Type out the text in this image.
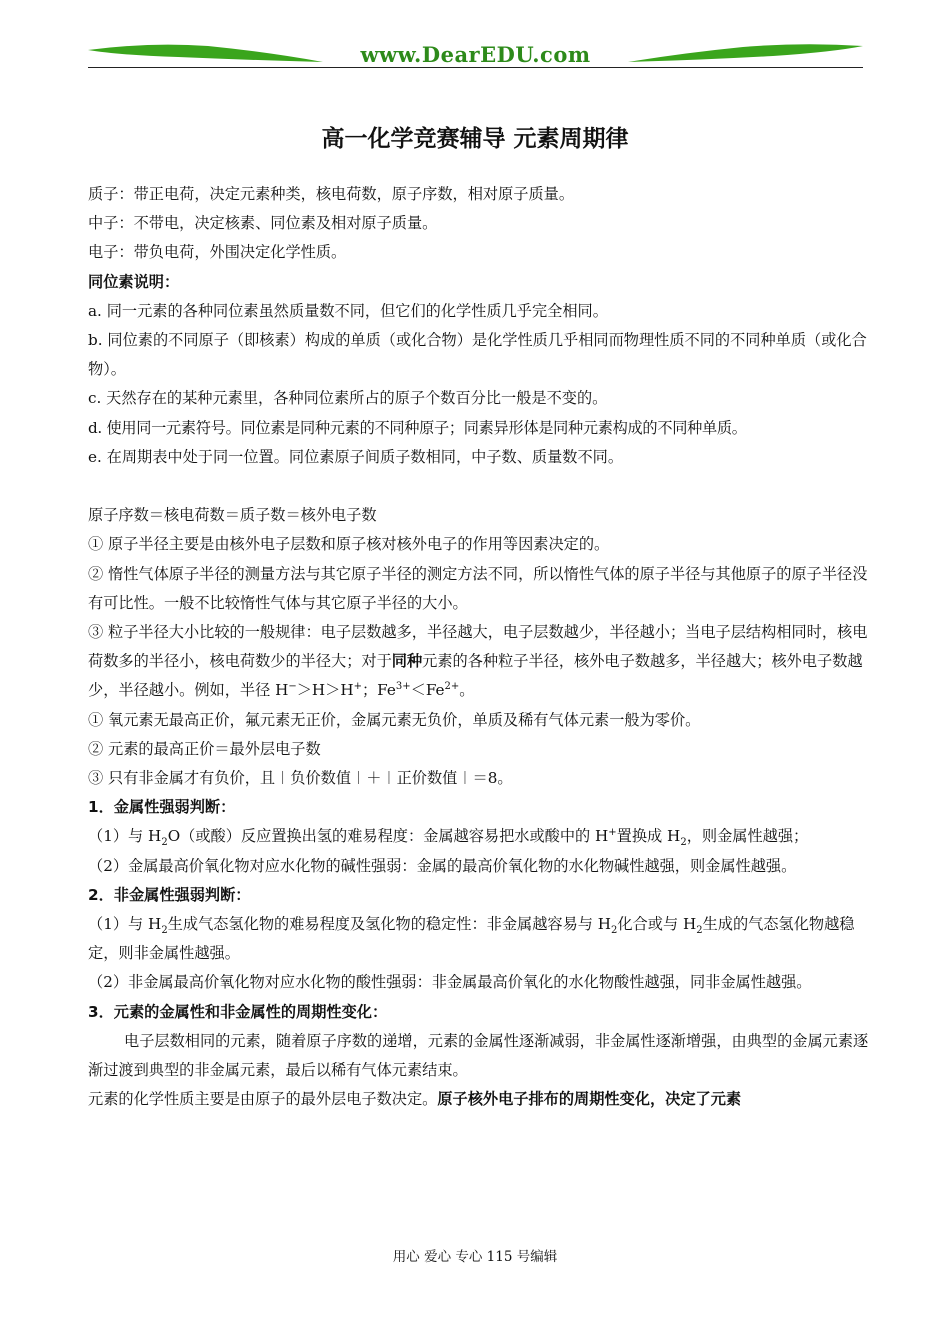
www.DearEDU.com
高一化学竞赛辅导 元素周期律

质子：带正电荷，决定元素种类，核电荷数，原子序数，相对原子质量。

中子：不带电，决定核素、同位素及相对原子质量。

电子：带负电荷，外围决定化学性质。

同位素说明：

a. 同一元素的各种同位素虽然质量数不同，但它们的化学性质几乎完全相同。

b. 同位素的不同原子（即核素）构成的单质（或化合物）是化学性质几乎相同而物理性质不同的不同种单质（或化合物）。

c. 天然存在的某种元素里，各种同位素所占的原子个数百分比一般是不变的。

d. 使用同一元素符号。同位素是同种元素的不同种原子；同素异形体是同种元素构成的不同种单质。

e. 在周期表中处于同一位置。同位素原子间质子数相同，中子数、质量数不同。

原子序数＝核电荷数＝质子数＝核外电子数

① 原子半径主要是由核外电子层数和原子核对核外电子的作用等因素决定的。

② 惰性气体原子半径的测量方法与其它原子半径的测定方法不同，所以惰性气体的原子半径与其他原子的原子半径没有可比性。一般不比较惰性气体与其它原子半径的大小。

③ 粒子半径大小比较的一般规律：电子层数越多，半径越大，电子层数越少，半径越小；当电子层结构相同时，核电荷数多的半径小，核电荷数少的半径大；对于同种元素的各种粒子半径，核外电子数越多，半径越大；核外电子数越少，半径越小。例如，半径 H−＞H＞H+；$Fe^{3+}<Fe^{2+}$。

① 氧元素无最高正价，氟元素无正价，金属元素无负价，单质及稀有气体元素一般为零价。

② 元素的最高正价＝最外层电子数

③ 只有非金属才有负价，且︱负价数值︱＋︱正价数值︱＝8。

1．金属性强弱判断：

（1）与 $H_2O$（或酸）反应置换出氢的难易程度：金属越容易把水或酸中的 H+置换成 $H_2$，则金属性越强；

（2）金属最高价氧化物对应水化物的碱性强弱：金属的最高价氧化物的水化物碱性越强，则金属性越强。

2．非金属性强弱判断：

（1）与 $H_2$生成气态氢化物的难易程度及氢化物的稳定性：非金属越容易与 $H_2$化合或与 $H_2$生成的气态氢化物越稳定，则非金属性越强。

（2）非金属最高价氧化物对应水化物的酸性强弱：非金属最高价氧化的水化物酸性越强，同非金属性越强。

3．元素的金属性和非金属性的周期性变化：

电子层数相同的元素，随着原子序数的递增，元素的金属性逐渐减弱，非金属性逐渐增强，由典型的金属元素逐渐过渡到典型的非金属元素，最后以稀有气体元素结束。

元素的化学性质主要是由原子的最外层电子数决定。原子核外电子排布的周期性变化，决定了元素

用心 爱心 专心 115 号编辑
